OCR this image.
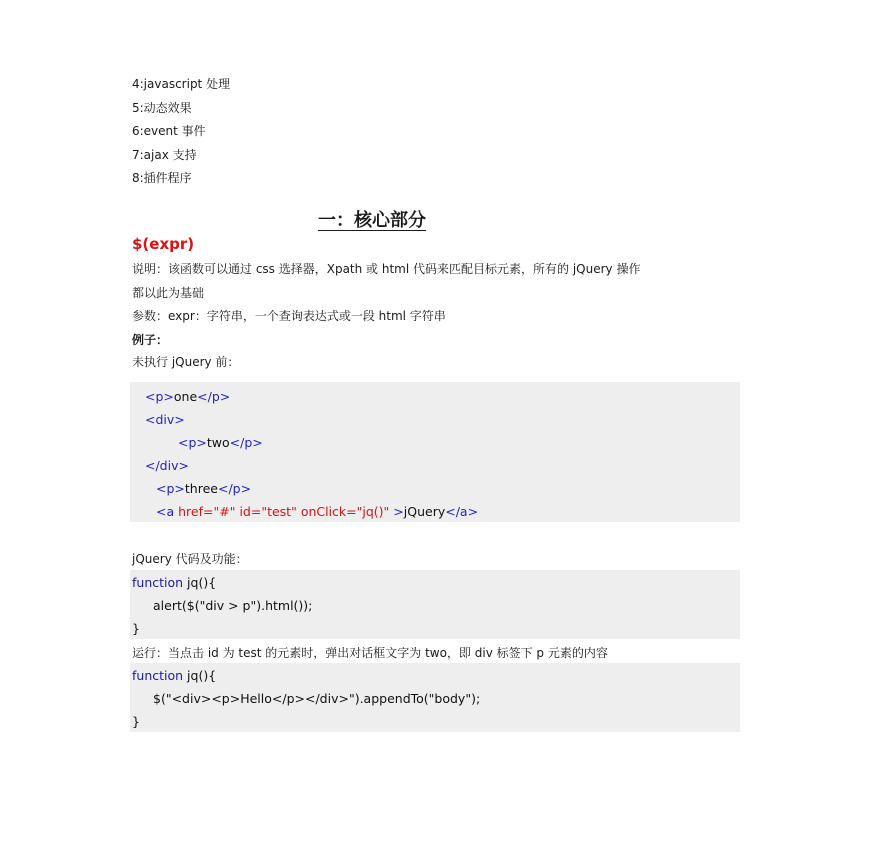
4:javascript 处理
5:动态效果
6:event 事件
7:ajax 支持
8:插件程序
一：核心部分
$(expr)
说明：该函数可以通过 css 选择器，Xpath 或 html 代码来匹配目标元素，所有的 jQuery 操作
都以此为基础
参数：expr：字符串，一个查询表达式或一段 html 字符串
例子：
未执行 jQuery 前：
<p>one</p>
<div>
<p>two</p>
</div>
<p>three</p>
<a href="#" id="test" onClick="jq()" >jQuery</a>
jQuery 代码及功能：
function jq(){
alert($("div > p").html());
}
运行：当点击 id 为 test 的元素时，弹出对话框文字为 two，即 div 标签下 p 元素的内容
function jq(){
$("<div><p>Hello</p></div>").appendTo("body");
}
